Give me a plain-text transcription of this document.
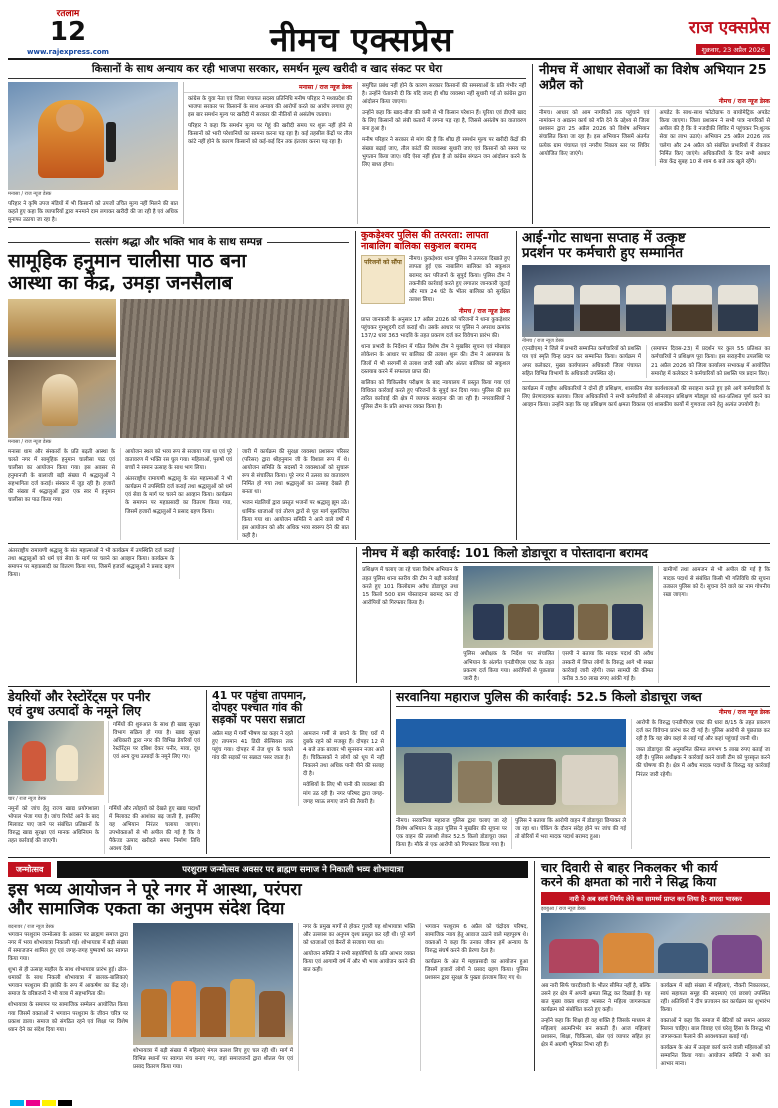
रतलाम
12
www.rajexpress.com	नीमच एक्सप्रेस	राज एक्सप्रेस
शुक्रवार, 23 अप्रैल 2026
किसानों के साथ अन्याय कर रही भाजपा सरकार, समर्थन मूल्य खरीदी व खाद संकट पर घेरा
मनासा / राज न्यूज डेस्क
परिहार ने कृषि उपज मंडियों में भी किसानों को उपजों उचित मूल्य नहीं मिलने की बात कहते हुए कहा कि व्यापारियों द्वारा मनमाने दाम लगाकर खरीदी की जा रही है एवं अधिक मुनाफा उठाया जा रहा है।
मनासा / राज न्यूज डेस्क
कांग्रेस के युवा नेता एवं जिला पंचायत सदस्य प्रतिनिधि मनीष परिहार ने मध्यप्रदेश की भाजपा सरकार पर किसानों के साथ अन्याय की आरोपों करते का आरोप लगाया हुए इस बार समर्थन मूल्य पर खरीदी में सरकार की नीतियों से असंतोष जताया।
परिहार ने कहा कि समर्थन मूल्य पर गेहूं की खरीदी समय पर शुरू नहीं होने से किसानों को भारी परेशानियों का सामना करना पड़ रहा है। कई तहसील केंद्रों पर तौल कांटे नहीं होने के कारण किसानों को कई-कई दिन तक इंतजार करना पड़ रहा है।
समुचित प्रबंध नहीं होने के कारण सरकार किसानों की समस्याओं के प्रति गंभीर नहीं है। उन्होंने चेतावनी दी कि यदि जल्द ही शीघ्र व्यवस्था नहीं सुधारी गई तो कांग्रेस द्वारा आंदोलन किया जाएगा।
उन्होंने कहा कि खाद-बीज की कमी से भी किसान परेशान हैं। यूरिया एवं डीएपी खाद के लिए किसानों को लंबी कतारों में लगना पड़ रहा है, जिससे असंतोष का वातावरण बना हुआ है।
मनीष परिहार ने सरकार से मांग की है कि शीघ्र ही समर्थन मूल्य पर खरीदी केंद्रों की संख्या बढ़ाई जाए, तौल कांटों की व्यवस्था सुधारी जाए एवं किसानों को समय पर भुगतान किया जाए। यदि ऐसा नहीं होता है तो कांग्रेस संगठन जन आंदोलन करने के लिए बाध्य होगा।
नीमच में आधार सेवाओं का विशेष अभियान 25 अप्रैल को
नीमच / राज न्यूज डेस्क
नीमच। आधार को आम नागरिकों तक पहुंचाने एवं नामांकन व अद्यतन कार्य को गति देने के उद्देश्य से जिला प्रशासन द्वारा 25 अप्रैल 2026 को विशेष अभियान संचालित किया जा रहा है। इस अभियान जिसमें अंतर्गत प्रत्येक ग्राम पंचायत एवं नगरीय निकाय स्तर पर शिविर आयोजित किए जाएंगे।
अपडेट के साथ-साथ फोटोग्राफ व बायोमेट्रिक अपडेट किया जाएगा। जिला प्रशासन ने सभी पात्र नागरिकों से अपील की है कि वे नजदीकी शिविर में पहुंचकर नि:शुल्क सेवा का लाभ उठाएं। अभियान 25 अप्रैल 2026 तक चलेगा और 24 अप्रैल को संबंधित प्रभारियों में रोककर निर्मित किए जाएंगे। अधिकारियों के दिन सभी आधार सेवा केंद्र सुबह 10 से शाम 6 बजे तक खुले रहेंगे।
सत्संग श्रद्धा और भक्ति भाव के साथ सम्पन्न
सामूहिक हनुमान चालीसा पाठ बना
आस्था का केंद्र, उमड़ा जनसैलाब
मनासा / राज न्यूज डेस्क
मनासा धाम और संस्कारों के प्रति बढ़ती आस्था के चलते नगर में सामूहिक हनुमान चालीसा पाठ एवं चालीसा का आयोजन किया गया। इस अवसर से हनुमानजी के बालाजी बड़ी संख्या में श्रद्धालुओं ने सहभागिता दर्ज कराई। संस्कार में जुड़ रही है। हजारों की संख्या में श्रद्धालुओं द्वारा एक स्वर में हनुमान चालीसा का पाठ किया गया।
आयोजन स्थल को भव्य रूप से सजाया गया था एवं पूरे वातावरण में भक्ति रस घुल गया। महिलाओं, पुरुषों एवं बच्चों ने समान उत्साह के साथ भाग लिया।
अंतरराष्ट्रीय रामायणी श्रद्धालु के संत महात्माओं ने भी कार्यक्रम में उपस्थिति दर्ज कराई तथा श्रद्धालुओं को धर्म एवं सेवा के मार्ग पर चलने का आव्हान किया। कार्यक्रम के समापन पर महाप्रसादी का वितरण किया गया, जिसमें हजारों श्रद्धालुओं ने प्रसाद ग्रहण किया।
जारी में कार्यक्रम की सुरक्षा व्यवस्था प्रशासन परिसर (परिसर) द्वारा श्रीहनुमान जी के विशाल रूप में थे। आयोजन समिति के सदस्यों ने व्यवस्थाओं को सुचारू रूप से संचालित किया। पूरे नगर में उत्सव का वातावरण निर्मित हो गया तथा श्रद्धालुओं का उत्साह देखते ही बनता था।
भजन मंडलियों द्वारा प्रस्तुत भजनों पर श्रद्धालु झूम उठे। धार्मिक ध्वजाओं एवं तोरण द्वारों से पूरा मार्ग सुसज्जित किया गया था। आयोजन समिति ने आने वाले वर्षों में इस आयोजन को और अधिक भव्य स्वरूप देने की बात कही है।
कुकड़ेश्वर पुलिस की तत्परता: लापता नाबालिग बालिका सकुशल बरामद
परिजनों को सौंपा	नीमच। कुकड़ेश्वर थाना पुलिस ने तत्परता दिखाते हुए लापता हुई एक नाबालिग बालिका को सकुशल बरामद कर परिजनों के सुपुर्द किया। पुलिस टीम ने तकनीकी कार्रवाई करते हुए लगातार जानकारी जुटाई और मात्र 24 घंटे के भीतर बालिका को सुरक्षित तलाश लिया।
नीमच / राज न्यूज डेस्क
प्राप्त जानकारी के अनुसार 17 अप्रैल 2026 को परिजनों ने थाना कुकड़ेश्वर पहुंचकर गुमशुदगी दर्ज कराई थी। उसके आधार पर पुलिस ने अपराध क्रमांक 137/2 धारा 363 भादवि के तहत प्रकरण दर्ज कर विवेचना प्रारंभ की।
थाना प्रभारी के निर्देशन में गठित विशेष टीम ने मुखबिर सूचना एवं मोबाइल लोकेशन के आधार पर बालिका की तलाश शुरू की। टीम ने आसपास के जिलों में भी सरगर्मी से तलाश जारी रखी और अंततः बालिका को सकुशल दस्तयाब करने में सफलता प्राप्त की।
बालिका को चिकित्सीय परीक्षण के बाद न्यायालय में प्रस्तुत किया गया एवं विधिवत कार्रवाई करते हुए परिजनों के सुपुर्द कर दिया गया। पुलिस की इस त्वरित कार्रवाई की क्षेत्र में व्यापक सराहना की जा रही है। नगरवासियों ने पुलिस टीम के प्रति आभार व्यक्त किया है।
आई-गोट साधना सप्ताह में उत्कृष्ट
प्रदर्शन पर कर्मचारी हुए सम्मानित
नीमच / राज न्यूज डेस्क
(एनडीएम) ने जिले में प्रभारी सम्मानित कर्मचारियों को प्रशस्ति पत्र एवं स्मृति चिन्ह प्रदान कर सम्मानित किया। कार्यक्रम में अपर कलेक्टर, मुख्य कार्यपालन अधिकारी जिला पंचायत सहित विभिन्न विभागों के अधिकारी उपस्थित रहे।
(समापन दिवस-23) में प्रदर्शन पर कुल 55 प्रतिशत का कर्मचारियों ने प्रशिक्षण पूरा किया। इस सराहनीय उपलब्धि पर 21 अप्रैल 2026 को जिला कार्यालय सभाकक्ष में आयोजित समारोह में कलेक्टर ने कर्मचारियों को प्रशस्ति पत्र प्रदान किए।
कार्यक्रम में राष्ट्रीय अधिकारियों ने दोनों ही प्रशिक्षण, शासकीय सेवा कार्यशालाओं की सराहना करते हुए इसे आगे कर्मचारियों के लिए प्रेरणादायक बताया। जिला अधिकारियों ने सभी कर्मचारियों से ऑनलाइन प्रशिक्षण मॉड्यूल को शत-प्रतिशत पूर्ण करने का आव्हान किया। उन्होंने कहा कि यह प्रशिक्षण कार्य क्षमता विकास एवं शासकीय कार्यों में गुणवत्ता लाने हेतु अत्यंत उपयोगी है।
अंतरराष्ट्रीय रामायणी श्रद्धालु के संत महात्माओं ने भी कार्यक्रम में उपस्थिति दर्ज कराई तथा श्रद्धालुओं को धर्म एवं सेवा के मार्ग पर चलने का आव्हान किया। कार्यक्रम के समापन पर महाप्रसादी का वितरण किया गया, जिसमें हजारों श्रद्धालुओं ने प्रसाद ग्रहण किया।
नीमच में बड़ी कार्रवाई: 101 किलो डोडाचूरा व पोस्तादाना बरामद
प्रशिक्षण में चलाए जा रहे चला विशेष अभियान के तहत पुलिस थाना स्तरीय की टीम ने बड़ी कार्रवाई करते हुए 101 किलोग्राम अवैध डोडाचूरा तथा 15 किलो 500 ग्राम पोस्तादाना बरामद कर दो आरोपियों को गिरफ्तार किया है।
पुलिस अधीक्षक के निर्देश पर संचालित अभियान के अंतर्गत एनडीपीएस एक्ट के तहत प्रकरण दर्ज किया गया। आरोपियों से पूछताछ जारी है।
एसपी ने बताया कि मादक पदार्थ की अवैध तस्करी में लिप्त लोगों के विरुद्ध आगे भी सख्त कार्रवाई जारी रहेगी। जब्त सामग्री की कीमत करीब 3.50 लाख रुपए आंकी गई है।
ग्रामीणों तथा आमजन से भी अपील की गई है कि मादक पदार्थ से संबंधित किसी भी गतिविधि की सूचना तत्काल पुलिस को दें। सूचना देने वाले का नाम गोपनीय रखा जाएगा।
डेयरियों और रेस्टोरेंट्स पर पनीर
एवं दुग्ध उत्पादों के नमूने लिए
चार / राज न्यूज डेस्क
गर्मियों की शुरुआत के साथ ही खाद्य सुरक्षा विभाग सक्रिय हो गया है। खाद्य सुरक्षा अधिकारी द्वारा नगर की विभिन्न डेयरियों एवं रेस्टोरेंट्स पर दबिश देकर पनीर, मावा, दूध एवं अन्य दुग्ध उत्पादों के नमूने लिए गए।
नमूनों को जांच हेतु राज्य खाद्य प्रयोगशाला भोपाल भेजा गया है। जांच रिपोर्ट आने के बाद मिलावट पाए जाने पर संबंधित प्रतिष्ठानों के विरुद्ध खाद्य सुरक्षा एवं मानक अधिनियम के तहत कार्रवाई की जाएगी।
गर्मियों और त्योहारों को देखते हुए खाद्य पदार्थों में मिलावट की आशंका बढ़ जाती है, इसलिए यह अभियान निरंतर चलाया जाएगा। उपभोक्ताओं से भी अपील की गई है कि वे पैकेज्ड उत्पाद खरीदते समय निर्माण तिथि अवश्य देखें।
41 पर पहुंचा तापमान,
दोपहर पश्चात गांव की
सड़कों पर पसरा सन्नाटा
अप्रैल माह में गर्मी भीषण का कहर ने रहते हुए तापमान 41 डिग्री सेल्सियस तक पहुंच गया। दोपहर में तेज धूप के चलते गांव की सड़कों पर सन्नाटा पसर जाता है।
आमजन गर्मी से बचने के लिए घरों में दुबके रहने को मजबूर हैं। दोपहर 12 से 4 बजे तक बाजार भी सुनसान नजर आते हैं। चिकित्सकों ने लोगों को धूप में नहीं निकलने तथा अधिक पानी पीने की सलाह दी है।
मवेशियों के लिए भी पानी की व्यवस्था की मांग उठ रही है। नगर परिषद द्वारा जगह-जगह प्याऊ लगाए जाने की तैयारी है।
सरवानिया महाराज पुलिस की कार्रवाई: 52.5 किलो डोडाचूरा जब्त
नीमच / राज न्यूज डेस्क
नीमच। सरवानिया महाराज पुलिस द्वारा चलाए जा रहे विशेष अभियान के तहत पुलिस ने मुखबिर की सूचना पर एक वाहन की तलाशी लेकर 52.5 किलो डोडाचूरा जब्त किया है। मौके से एक आरोपी को गिरफ्तार किया गया है।
पुलिस ने बताया कि आरोपी वाहन में डोडाचूरा छिपाकर ले जा रहा था। चेकिंग के दौरान संदेह होने पर जांच की गई तो बोरियों में भरा मादक पदार्थ बरामद हुआ।
आरोपी के विरुद्ध एनडीपीएस एक्ट की धारा 8/15 के तहत प्रकरण दर्ज कर विवेचना प्रारंभ कर दी गई है। पुलिस आरोपी से पूछताछ कर रही है कि यह खेप कहां से लाई गई और कहां पहुंचाई जानी थी।
जब्त डोडाचूरा की अनुमानित कीमत लगभग 5 लाख रुपए बताई जा रही है। पुलिस अधीक्षक ने कार्रवाई करने वाली टीम को पुरस्कृत करने की घोषणा की है। क्षेत्र में अवैध मादक पदार्थों के विरुद्ध यह कार्रवाई निरंतर जारी रहेगी।
जन्मोत्सव	परशुराम जन्मोत्सव अवसर पर ब्राह्मण समाज ने निकाली भव्य शोभायात्रा
इस भव्य आयोजन ने पूरे नगर में आस्था, परंपरा
और सामाजिक एकता का अनुपम संदेश दिया
बदनावर / राज न्यूज डेस्क
भगवान परशुराम जन्मोत्सव के अवसर पर ब्राह्मण समाज द्वारा नगर में भव्य शोभायात्रा निकाली गई। शोभायात्रा में बड़ी संख्या में समाजजन शामिल हुए एवं जगह-जगह पुष्पवर्षा कर स्वागत किया गया।
शुभा से ही उत्साह माहौल के साथ शोभायात्रा प्रारंभ हुई। ढोल-धमाकों के साथ निकली शोभायात्रा में बालक-बालिकाएं भगवान परशुराम की झांकी के रूप में आकर्षण का केंद्र रहे। समाज के वरिष्ठजनों ने भी यात्रा में सहभागिता की।
शोभायात्रा के समापन पर सामाजिक सम्मेलन आयोजित किया गया जिसमें वक्ताओं ने भगवान परशुराम के जीवन चरित्र पर प्रकाश डाला। समाज को संगठित रहने एवं शिक्षा पर विशेष ध्यान देने का संदेश दिया गया।
शोभायात्रा में बड़ी संख्या में महिलाएं मंगल कलश लिए हुए चल रही थीं। मार्ग में विभिन्न स्थानों पर स्वागत मंच बनाए गए, जहां समाजजनों द्वारा शीतल पेय एवं प्रसाद वितरण किया गया।
नगर के प्रमुख मार्गों से होकर गुजरी यह शोभायात्रा भक्ति और उल्लास का अनुपम दृश्य प्रस्तुत कर रही थी। पूरे मार्ग को ध्वजाओं एवं बैनरों से सजाया गया था।
आयोजन समिति ने सभी सहयोगियों के प्रति आभार व्यक्त किया एवं आगामी वर्ष में और भी भव्य आयोजन करने की बात कही।
भगवान परशुराम 6 अप्रैल को चंद्रोदय परिषद, सामाजिक न्याय हेतु आवाज उठाने वाले महापुरुष थे। वक्ताओं ने कहा कि उनका जीवन हमें अन्याय के विरुद्ध संघर्ष करने की प्रेरणा देता है।
कार्यक्रम के अंत में महाप्रसादी का आयोजन हुआ जिसमें हजारों लोगों ने प्रसाद ग्रहण किया। पुलिस प्रशासन द्वारा सुरक्षा के पुख्ता इंतजाम किए गए थे।
चार दिवारी से बाहर निकलकर भी कार्य
करने की क्षमता को नारी ने सिद्ध किया
नारी ने अब स्वयं निर्णय लेने का सामर्थ्य प्राप्त कर लिया है: शारदा भास्कर
झाबुआ / राज न्यूज डेस्क
अब नारी सिर्फ चारदीवारी के भीतर सीमित नहीं है, बल्कि उसने हर क्षेत्र में अपनी क्षमता सिद्ध कर दिखाई है। यह बात मुख्य वक्ता शारदा भास्कर ने महिला जागरूकता कार्यक्रम को संबोधित करते हुए कही।
उन्होंने कहा कि शिक्षा ही वह शक्ति है जिसके माध्यम से महिलाएं आत्मनिर्भर बन सकती हैं। आज महिलाएं प्रशासन, शिक्षा, चिकित्सा, खेल एवं व्यापार सहित हर क्षेत्र में अग्रणी भूमिका निभा रही हैं।
कार्यक्रम में बड़ी संख्या में महिलाएं, नौकरी निकालकर, स्वयं सहायता समूह की सदस्याएं एवं छात्राएं उपस्थित रहीं। अतिथियों ने दीप प्रज्वलन कर कार्यक्रम का शुभारंभ किया।
वक्ताओं ने कहा कि समाज में बेटियों को समान अवसर मिलना चाहिए। बाल विवाह एवं घरेलू हिंसा के विरुद्ध भी जागरूकता फैलाने की आवश्यकता बताई गई।
कार्यक्रम के अंत में उत्कृष्ट कार्य करने वाली महिलाओं को सम्मानित किया गया। आयोजन समिति ने सभी का आभार माना।
